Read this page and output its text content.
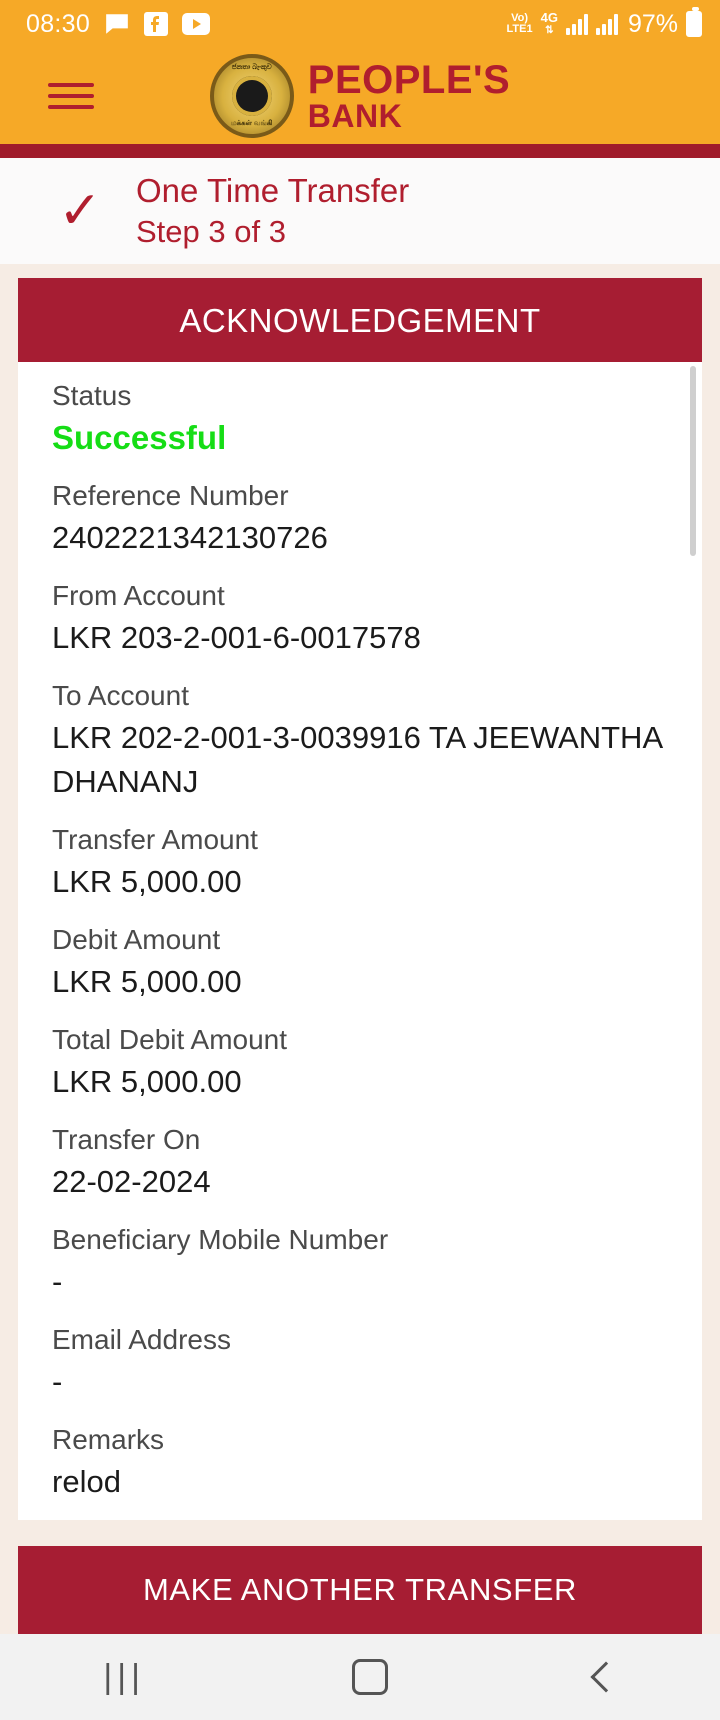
08:30	Vo)
LTE1
4G
⇅	97%
ජනතා බැංකුව
மக்கள் வங்கி
PEOPLE'S
BANK
✓ One Time Transfer
Step 3 of 3
ACKNOWLEDGEMENT
Status
Successful
Reference Number
2402221342130726
From Account
LKR 203-2-001-6-0017578
To Account
LKR 202-2-001-3-0039916 TA JEEWANTHA DHANANJ
Transfer Amount
LKR 5,000.00
Debit Amount
LKR 5,000.00
Total Debit Amount
LKR 5,000.00
Transfer On
22-02-2024
Beneficiary Mobile Number
-
Email Address
-
Remarks
relod
MAKE ANOTHER TRANSFER
|||
